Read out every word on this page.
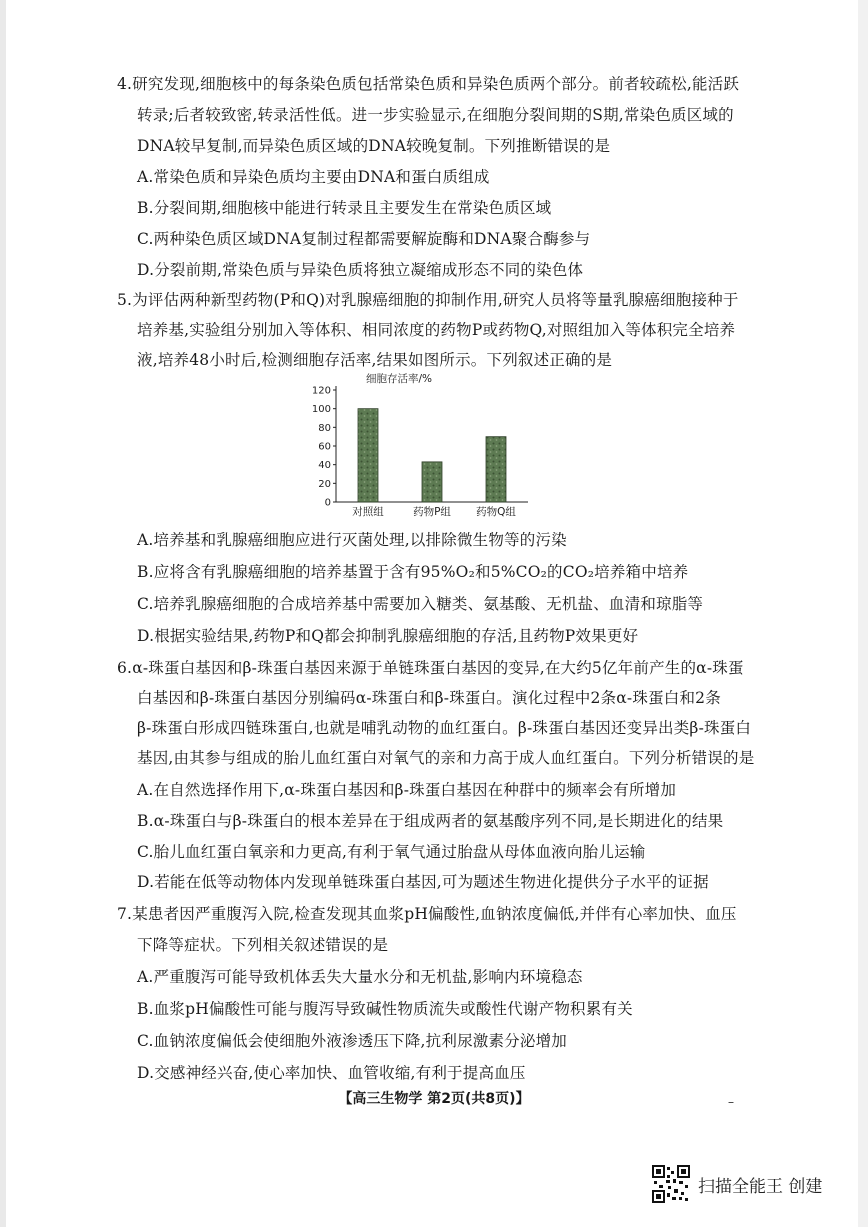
4.研究发现,细胞核中的每条染色质包括常染色质和异染色质两个部分。前者较疏松,能活跃
转录;后者较致密,转录活性低。进一步实验显示,在细胞分裂间期的S期,常染色质区域的
DNA较早复制,而异染色质区域的DNA较晚复制。下列推断错误的是
A.常染色质和异染色质均主要由DNA和蛋白质组成
B.分裂间期,细胞核中能进行转录且主要发生在常染色质区域
C.两种染色质区域DNA复制过程都需要解旋酶和DNA聚合酶参与
D.分裂前期,常染色质与异染色质将独立凝缩成形态不同的染色体
5.为评估两种新型药物(P和Q)对乳腺癌细胞的抑制作用,研究人员将等量乳腺癌细胞接种于
培养基,实验组分别加入等体积、相同浓度的药物P或药物Q,对照组加入等体积完全培养
液,培养48小时后,检测细胞存活率,结果如图所示。下列叙述正确的是
细胞存活率/%
0
20
40
60
80
100
120
对照组	药物P组 药物Q组
A.培养基和乳腺癌细胞应进行灭菌处理,以排除微生物等的污染
B.应将含有乳腺癌细胞的培养基置于含有95%O₂和5%CO₂的CO₂培养箱中培养
C.培养乳腺癌细胞的合成培养基中需要加入糖类、氨基酸、无机盐、血清和琼脂等
D.根据实验结果,药物P和Q都会抑制乳腺癌细胞的存活,且药物P效果更好
6.α-珠蛋白基因和β-珠蛋白基因来源于单链珠蛋白基因的变异,在大约5亿年前产生的α-珠蛋
白基因和β-珠蛋白基因分别编码α-珠蛋白和β-珠蛋白。演化过程中2条α-珠蛋白和2条
β-珠蛋白形成四链珠蛋白,也就是哺乳动物的血红蛋白。β-珠蛋白基因还变异出类β-珠蛋白
基因,由其参与组成的胎儿血红蛋白对氧气的亲和力高于成人血红蛋白。下列分析错误的是
A.在自然选择作用下,α-珠蛋白基因和β-珠蛋白基因在种群中的频率会有所增加
B.α-珠蛋白与β-珠蛋白的根本差异在于组成两者的氨基酸序列不同,是长期进化的结果
C.胎儿血红蛋白氧亲和力更高,有利于氧气通过胎盘从母体血液向胎儿运输
D.若能在低等动物体内发现单链珠蛋白基因,可为题述生物进化提供分子水平的证据
7.某患者因严重腹泻入院,检查发现其血浆pH偏酸性,血钠浓度偏低,并伴有心率加快、血压
下降等症状。下列相关叙述错误的是
A.严重腹泻可能导致机体丢失大量水分和无机盐,影响内环境稳态
B.血浆pH偏酸性可能与腹泻导致碱性物质流失或酸性代谢产物积累有关
C.血钠浓度偏低会使细胞外液渗透压下降,抗利尿激素分泌增加
D.交感神经兴奋,使心率加快、血管收缩,有利于提高血压
【高三生物学 第2页(共8页)】	–
扫描全能王 创建
